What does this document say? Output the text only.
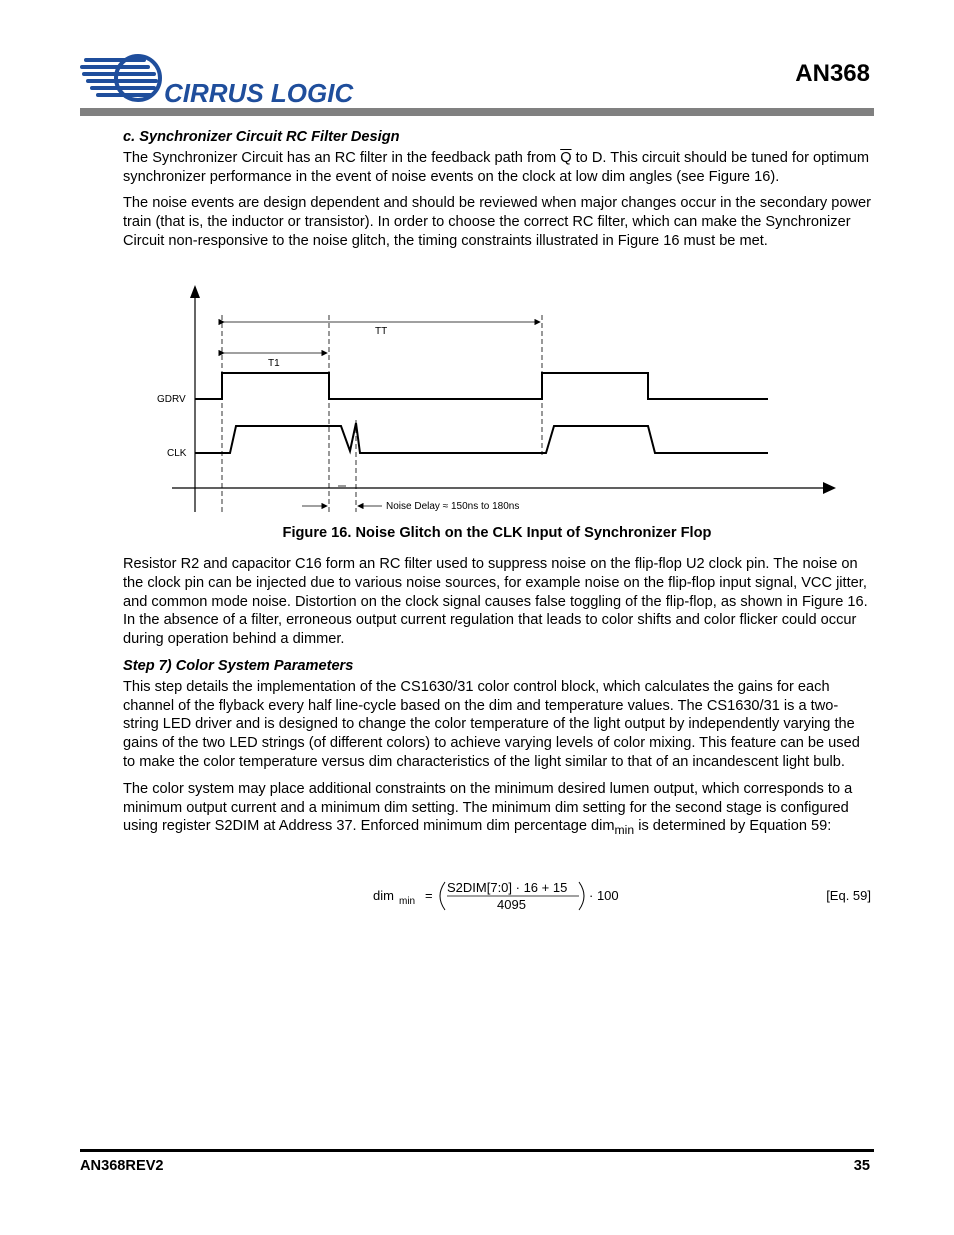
CIRRUS LOGIC
AN368
c. Synchronizer Circuit RC Filter Design

The Synchronizer Circuit has an RC filter in the feedback path from $\overline{Q}$ to D. This circuit should be tuned for optimum synchronizer performance in the event of noise events on the clock at low dim angles (see Figure 16).

The noise events are design dependent and should be reviewed when major changes occur in the secondary power train (that is, the inductor or transistor). In order to choose the correct RC filter, which can make the Synchronizer Circuit non-responsive to the noise glitch, the timing constraints illustrated in Figure 16 must be met.

TT
T1
GDRV
CLK
Noise Delay ≈ 150ns to 180ns
Figure 16. Noise Glitch on the CLK Input of Synchronizer Flop

Resistor R2 and capacitor C16 form an RC filter used to suppress noise on the flip-flop U2 clock pin. The noise on the clock pin can be injected due to various noise sources, for example noise on the flip-flop input signal, VCC jitter, and common mode noise. Distortion on the clock signal causes false toggling of the flip-flop, as shown in Figure 16. In the absence of a filter, erroneous output current regulation that leads to color shifts and color flicker could occur during operation behind a dimmer.

Step 7) Color System Parameters

This step details the implementation of the CS1630/31 color control block, which calculates the gains for each channel of the flyback every half line-cycle based on the dim and temperature values. The CS1630/31 is a two-string LED driver and is designed to change the color temperature of the light output by independently varying the gains of the two LED strings (of different colors) to achieve varying levels of color mixing. This feature can be used to make the color temperature versus dim characteristics of the light similar to that of an incandescent light bulb.

The color system may place additional constraints on the minimum desired lumen output, which corresponds to a minimum output current and a minimum dim setting. The minimum dim setting for the second stage is configured using register S2DIM at Address 37. Enforced minimum dim percentage dim$_{min}$ is determined by Equation 59:

dim min =
S2DIM[7:0] · 16 + 15
4095
· 100	[Eq. 59]
AN368REV2	35
